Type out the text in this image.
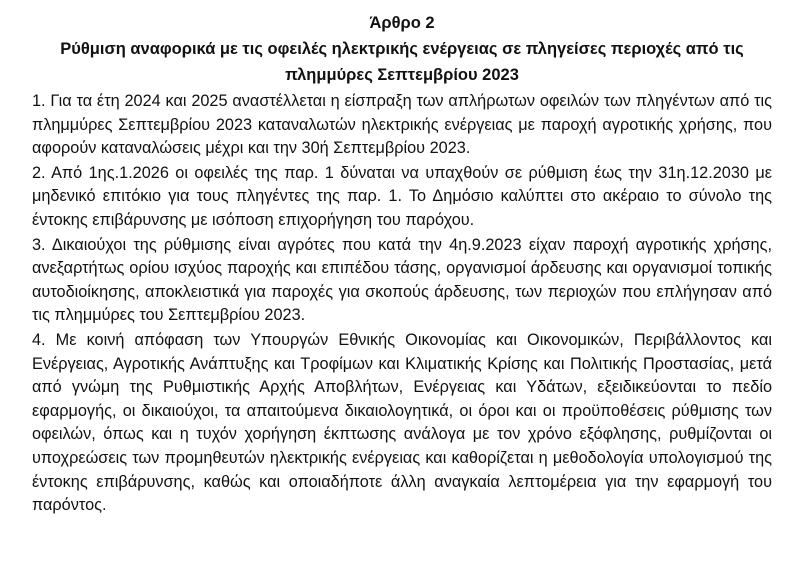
Άρθρο 2
Ρύθμιση αναφορικά με τις οφειλές ηλεκτρικής ενέργειας σε πληγείσες περιοχές από τις πλημμύρες Σεπτεμβρίου 2023

1. Για τα έτη 2024 και 2025 αναστέλλεται η είσπραξη των απλήρωτων οφειλών των πληγέντων από τις πλημμύρες Σεπτεμβρίου 2023 καταναλωτών ηλεκτρικής ενέργειας με παροχή αγροτικής χρήσης, που αφορούν καταναλώσεις μέχρι και την 30ή Σεπτεμβρίου 2023.

2. Από 1ης.1.2026 οι οφειλές της παρ. 1 δύναται να υπαχθούν σε ρύθμιση έως την 31η.12.2030 με μηδενικό επιτόκιο για τους πληγέντες της παρ. 1. Το Δημόσιο καλύπτει στο ακέραιο το σύνολο της έντοκης επιβάρυνσης με ισόποση επιχορήγηση του παρόχου.

3. Δικαιούχοι της ρύθμισης είναι αγρότες που κατά την 4η.9.2023 είχαν παροχή αγροτικής χρήσης, ανεξαρτήτως ορίου ισχύος παροχής και επιπέδου τάσης, οργανισμοί άρδευσης και οργανισμοί τοπικής αυτοδιοίκησης, αποκλειστικά για παροχές για σκοπούς άρδευσης, των περιοχών που επλήγησαν από τις πλημμύρες του Σεπτεμβρίου 2023.

4. Με κοινή απόφαση των Υπουργών Εθνικής Οικονομίας και Οικονομικών, Περιβάλλοντος και Ενέργειας, Αγροτικής Ανάπτυξης και Τροφίμων και Κλιματικής Κρίσης και Πολιτικής Προστασίας, μετά από γνώμη της Ρυθμιστικής Αρχής Αποβλήτων, Ενέργειας και Υδάτων, εξειδικεύονται το πεδίο εφαρμογής, οι δικαιούχοι, τα απαιτούμενα δικαιολογητικά, οι όροι και οι προϋποθέσεις ρύθμισης των οφειλών, όπως και η τυχόν χορήγηση έκπτωσης ανάλογα με τον χρόνο εξόφλησης, ρυθμίζονται οι υποχρεώσεις των προμηθευτών ηλεκτρικής ενέργειας και καθορίζεται η μεθοδολογία υπολογισμού της έντοκης επιβάρυνσης, καθώς και οποιαδήποτε άλλη αναγκαία λεπτομέρεια για την εφαρμογή του παρόντος.
